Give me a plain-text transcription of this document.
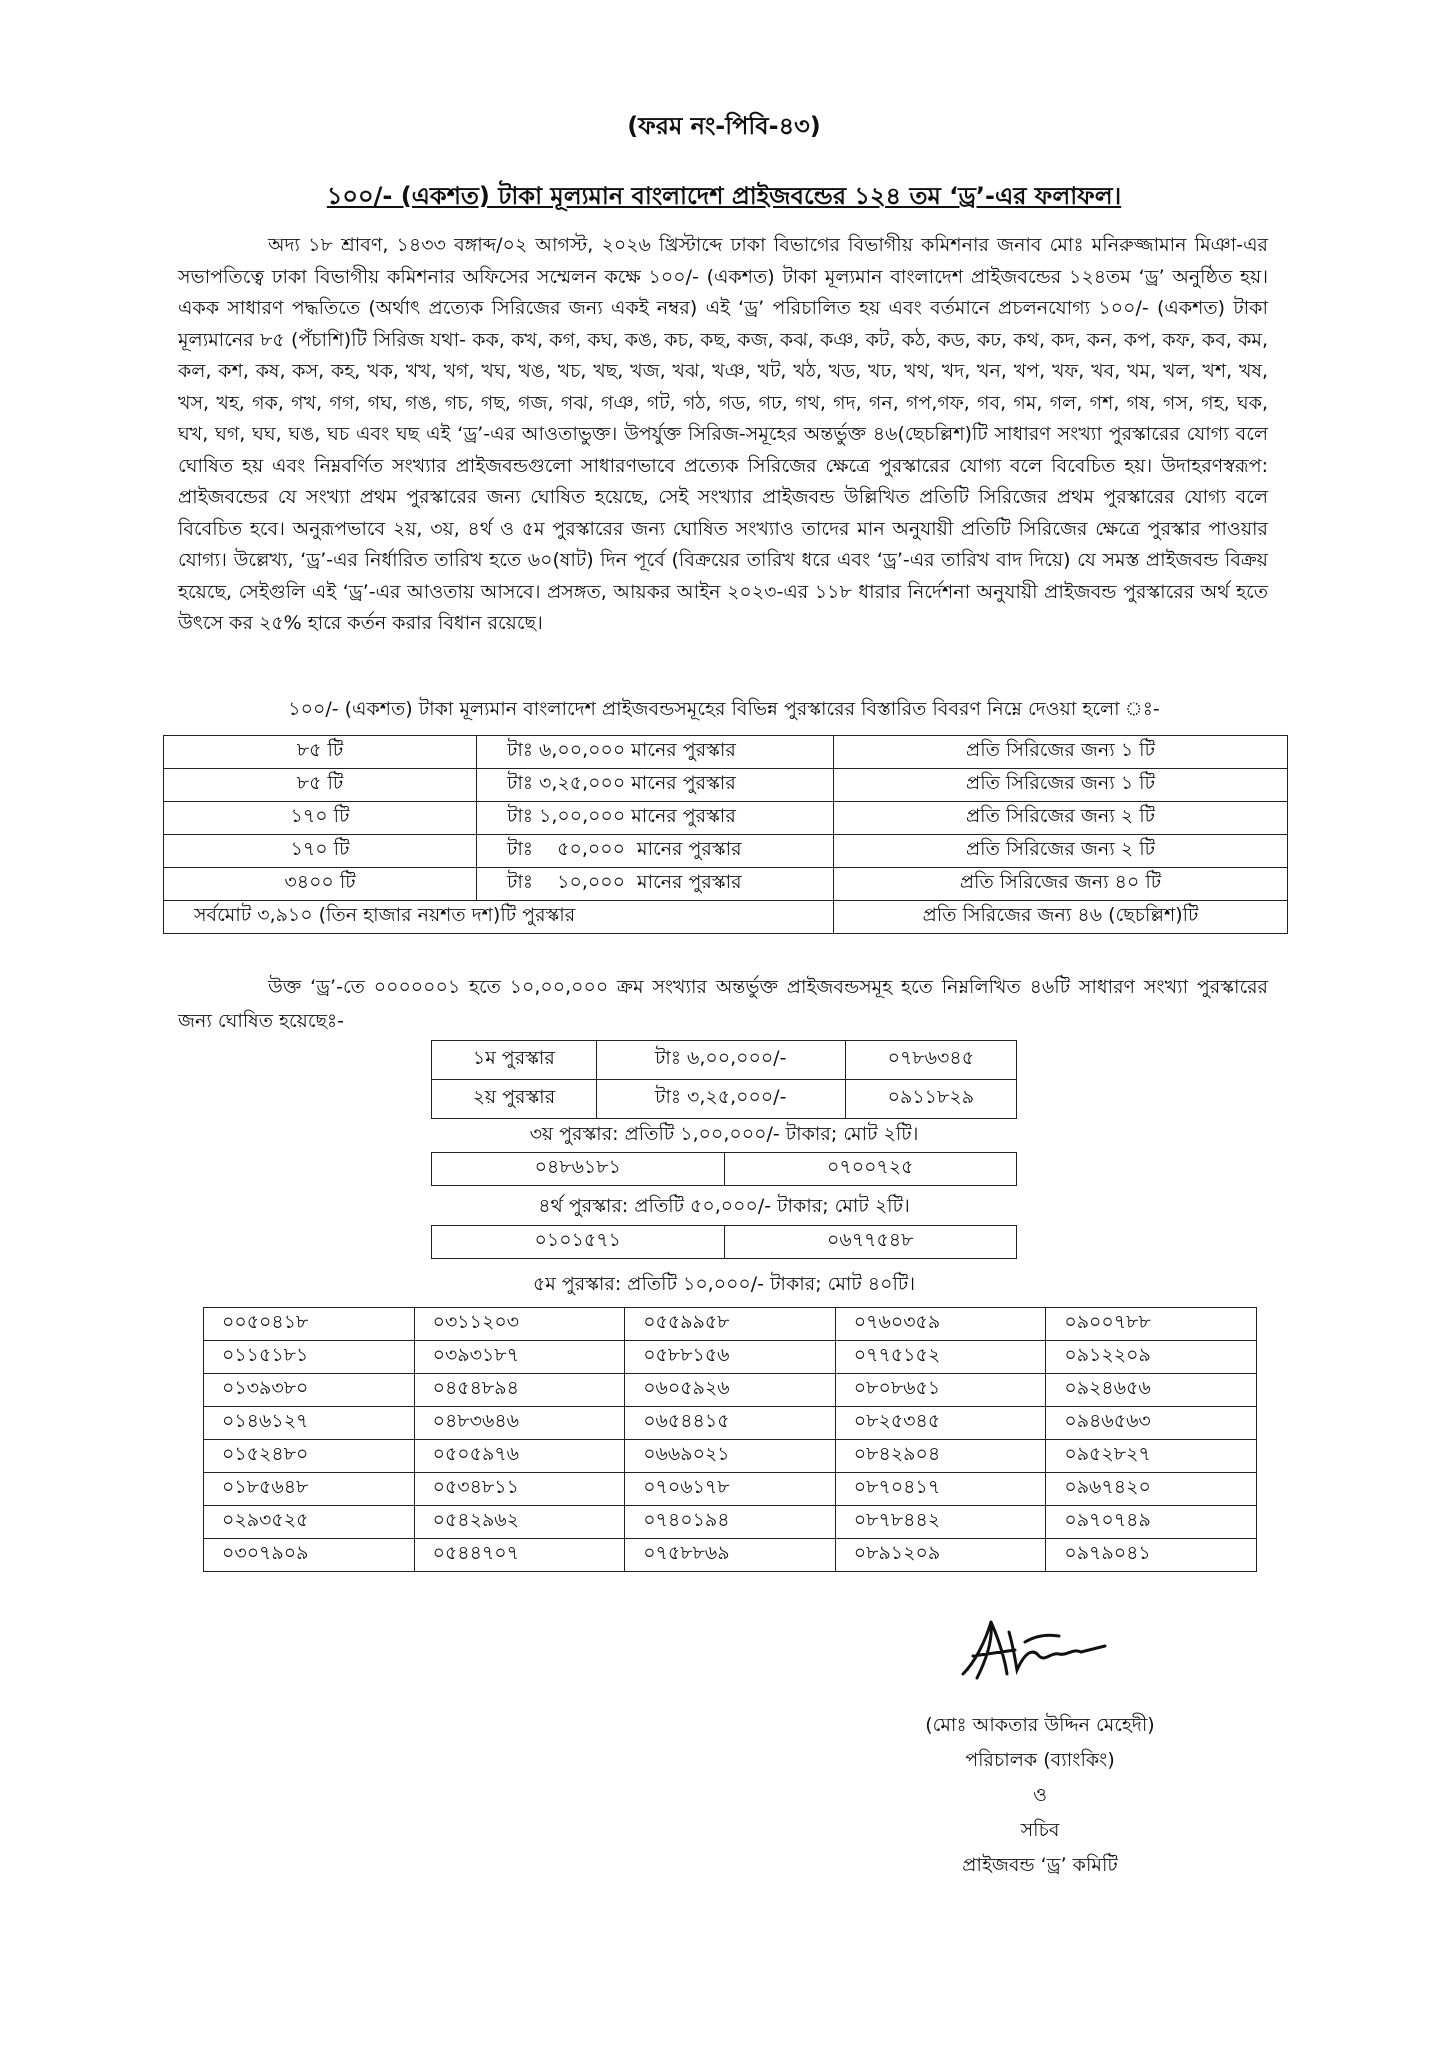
(ফরম নং-পিবি-৪৩)
১০০/- (একশত) টাকা মূল্যমান বাংলাদেশ প্রাইজবন্ডের ১২৪ তম ‘ড্র’-এর ফলাফল।
অদ্য ১৮ শ্রাবণ, ১৪৩৩ বঙ্গাব্দ/০২ আগস্ট, ২০২৬ খ্রিস্টাব্দে ঢাকা বিভাগের বিভাগীয় কমিশনার জনাব মোঃ মনিরুজ্জামান মিঞা-এর সভাপতিত্বে ঢাকা বিভাগীয় কমিশনার অফিসের সম্মেলন কক্ষে ১০০/- (একশত) টাকা মূল্যমান বাংলাদেশ প্রাইজবন্ডের ১২৪তম ‘ড্র’ অনুষ্ঠিত হয়। একক সাধারণ পদ্ধতিতে (অর্থাৎ প্রত্যেক সিরিজের জন্য একই নম্বর) এই ‘ড্র’ পরিচালিত হয় এবং বর্তমানে প্রচলনযোগ্য ১০০/- (একশত) টাকা মূল্যমানের ৮৫ (পঁচাশি)টি সিরিজ যথা- কক, কখ, কগ, কঘ, কঙ, কচ, কছ, কজ, কঝ, কঞ, কট, কঠ, কড, কঢ, কথ, কদ, কন, কপ, কফ, কব, কম, কল, কশ, কষ, কস, কহ, খক, খখ, খগ, খঘ, খঙ, খচ, খছ, খজ, খঝ, খঞ, খট, খঠ, খড, খঢ, খথ, খদ, খন, খপ, খফ, খব, খম, খল, খশ, খষ, খস, খহ, গক, গখ, গগ, গঘ, গঙ, গচ, গছ, গজ, গঝ, গঞ, গট, গঠ, গড, গঢ, গথ, গদ, গন, গপ,গফ, গব, গম, গল, গশ, গষ, গস, গহ, ঘক, ঘখ, ঘগ, ঘঘ, ঘঙ, ঘচ এবং ঘছ এই ‘ড্র’-এর আওতাভুক্ত। উপর্যুক্ত সিরিজ-সমূহের অন্তর্ভুক্ত ৪৬(ছেচল্লিশ)টি সাধারণ সংখ্যা পুরস্কারের যোগ্য বলে ঘোষিত হয় এবং নিম্নবর্ণিত সংখ্যার প্রাইজবন্ডগুলো সাধারণভাবে প্রত্যেক সিরিজের ক্ষেত্রে পুরস্কারের যোগ্য বলে বিবেচিত হয়। উদাহরণস্বরূপ: প্রাইজবন্ডের যে সংখ্যা প্রথম পুরস্কারের জন্য ঘোষিত হয়েছে, সেই সংখ্যার প্রাইজবন্ড উল্লিখিত প্রতিটি সিরিজের প্রথম পুরস্কারের যোগ্য বলে বিবেচিত হবে। অনুরূপভাবে ২য়, ৩য়, ৪র্থ ও ৫ম পুরস্কারের জন্য ঘোষিত সংখ্যাও তাদের মান অনুযায়ী প্রতিটি সিরিজের ক্ষেত্রে পুরস্কার পাওয়ার যোগ্য। উল্লেখ্য, ‘ড্র’-এর নির্ধারিত তারিখ হতে ৬০(ষাট) দিন পূর্বে (বিক্রয়ের তারিখ ধরে এবং ‘ড্র’-এর তারিখ বাদ দিয়ে) যে সমস্ত প্রাইজবন্ড বিক্রয় হয়েছে, সেইগুলি এই ‘ড্র’-এর আওতায় আসবে। প্রসঙ্গত, আয়কর আইন ২০২৩-এর ১১৮ ধারার নির্দেশনা অনুযায়ী প্রাইজবন্ড পুরস্কারের অর্থ হতে উৎসে কর ২৫% হারে কর্তন করার বিধান রয়েছে।
১০০/- (একশত) টাকা মূল্যমান বাংলাদেশ প্রাইজবন্ডসমূহের বিভিন্ন পুরস্কারের বিস্তারিত বিবরণ নিম্নে দেওয়া হলো ঃ-
৮৫ টি	টাঃ ৬,০০,০০০ মানের পুরস্কার	প্রতি সিরিজের জন্য ১ টি
৮৫ টি	টাঃ ৩,২৫,০০০ মানের পুরস্কার	প্রতি সিরিজের জন্য ১ টি
১৭০ টি	টাঃ ১,০০,০০০ মানের পুরস্কার	প্রতি সিরিজের জন্য ২ টি
১৭০ টি	টাঃ    ৫০,০০০  মানের পুরস্কার	প্রতি সিরিজের জন্য ২ টি
৩৪০০ টি	টাঃ    ১০,০০০  মানের পুরস্কার	প্রতি সিরিজের জন্য ৪০ টি
সর্বমোট ৩,৯১০ (তিন হাজার নয়শত দশ)টি পুরস্কার		প্রতি সিরিজের জন্য ৪৬ (ছেচল্লিশ)টি
উক্ত ‘ড্র’-তে ০০০০০০১ হতে ১০,০০,০০০ ক্রম সংখ্যার অন্তর্ভুক্ত প্রাইজবন্ডসমূহ হতে নিম্নলিখিত ৪৬টি সাধারণ সংখ্যা পুরস্কারের জন্য ঘোষিত হয়েছেঃ-
১ম পুরস্কার	টাঃ ৬,০০,০০০/-	০৭৮৬৩৪৫
২য় পুরস্কার	টাঃ ৩,২৫,০০০/-	০৯১১৮২৯
৩য় পুরস্কার: প্রতিটি ১,০০,০০০/- টাকার; মোট ২টি।
০৪৮৬১৮১	০৭০০৭২৫
৪র্থ পুরস্কার: প্রতিটি ৫০,০০০/- টাকার; মোট ২টি।
০১০১৫৭১	০৬৭৭৫৪৮
৫ম পুরস্কার: প্রতিটি ১০,০০০/- টাকার; মোট ৪০টি।
০০৫০৪১৮	০৩১১২০৩	০৫৫৯৯৫৮	০৭৬০৩৫৯	০৯০০৭৮৮
০১১৫১৮১	০৩৯৩১৮৭	০৫৮৮১৫৬	০৭৭৫১৫২	০৯১২২০৯
০১৩৯৩৮০	০৪৫৪৮৯৪	০৬০৫৯২৬	০৮০৮৬৫১	০৯২৪৬৫৬
০১৪৬১২৭	০৪৮৩৬৪৬	০৬৫৪৪১৫	০৮২৫৩৪৫	০৯৪৬৫৬৩
০১৫২৪৮০	০৫০৫৯৭৬	০৬৬৯০২১	০৮৪২৯০৪	০৯৫২৮২৭
০১৮৫৬৪৮	০৫৩৪৮১১	০৭০৬১৭৮	০৮৭০৪১৭	০৯৬৭৪২০
০২৯৩৫২৫	০৫৪২৯৬২	০৭৪০১৯৪	০৮৭৮৪৪২	০৯৭০৭৪৯
০৩০৭৯০৯	০৫৪৪৭০৭	০৭৫৮৮৬৯	০৮৯১২০৯	০৯৭৯০৪১
(মোঃ আকতার উদ্দিন মেহেদী)
পরিচালক (ব্যাংকিং)
ও
সচিব
প্রাইজবন্ড ‘ড্র’ কমিটি
